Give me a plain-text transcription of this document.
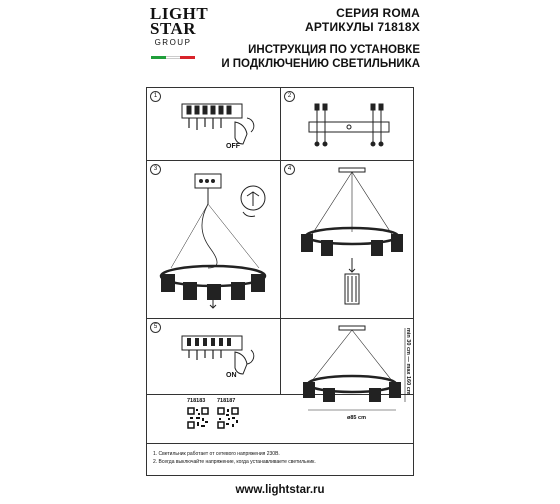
LIGHT
STAR
GROUP
СЕРИЯ ROMA
АРТИКУЛЫ 71818X
ИНСТРУКЦИЯ ПО УСТАНОВКЕ
И ПОДКЛЮЧЕНИЮ СВЕТИЛЬНИКА
1
OFF
2
3	4
5
ON
ø85 cm
min 30 cm — max 160 cm
718183 718187
1. Светильник работает от сетевого напряжения 230В.
2. Всегда выключайте напряжение, когда устанавливаете светильник.
www.lightstar.ru
